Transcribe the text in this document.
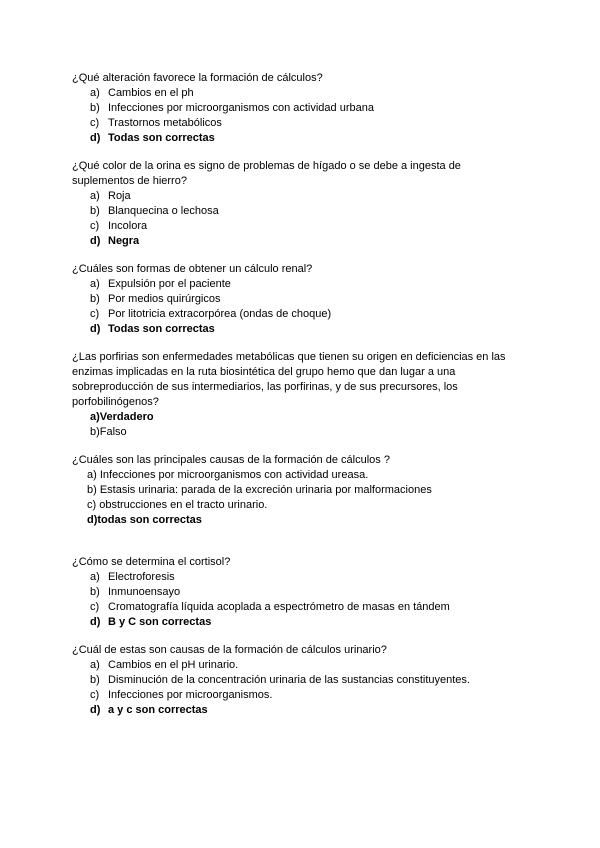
¿Qué alteración favorece la formación de cálculos?

a) Cambios en el ph
b) Infecciones por microorganismos con actividad urbana
c) Trastornos metabólicos
d) Todas son correctas

¿Qué color de la orina es signo de problemas de hígado o se debe a ingesta de suplementos de hierro?

a) Roja
b) Blanquecina o lechosa
c) Incolora
d) Negra

¿Cuáles son formas de obtener un cálculo renal?

a) Expulsión por el paciente
b) Por medios quirúrgicos
c) Por litotricia extracorpórea (ondas de choque)
d) Todas son correctas

¿Las porfirias son enfermedades metabólicas que tienen su origen en deficiencias en las enzimas implicadas en la ruta biosintética del grupo hemo que dan lugar a una sobreproducción de sus intermediarios, las porfirinas, y de sus precursores, los porfobilinógenos?

a)Verdadero
b)Falso

¿Cuáles son las principales causas de la formación de cálculos ?

a) Infecciones por microorganismos con actividad ureasa.
b) Estasis urinaria: parada de la excreción urinaria por malformaciones
c) obstrucciones en el tracto urinario.
d)todas son correctas

¿Cómo se determina el cortisol?

a) Electroforesis
b) Inmunoensayo
c) Cromatografía líquida acoplada a espectrómetro de masas en tándem
d) B y C son correctas

¿Cuál de estas son causas de la formación de cálculos urinario?

a) Cambios en el pH urinario.
b) Disminución de la concentración urinaria de las sustancias constituyentes.
c) Infecciones por microorganismos.
d) a y c son correctas
